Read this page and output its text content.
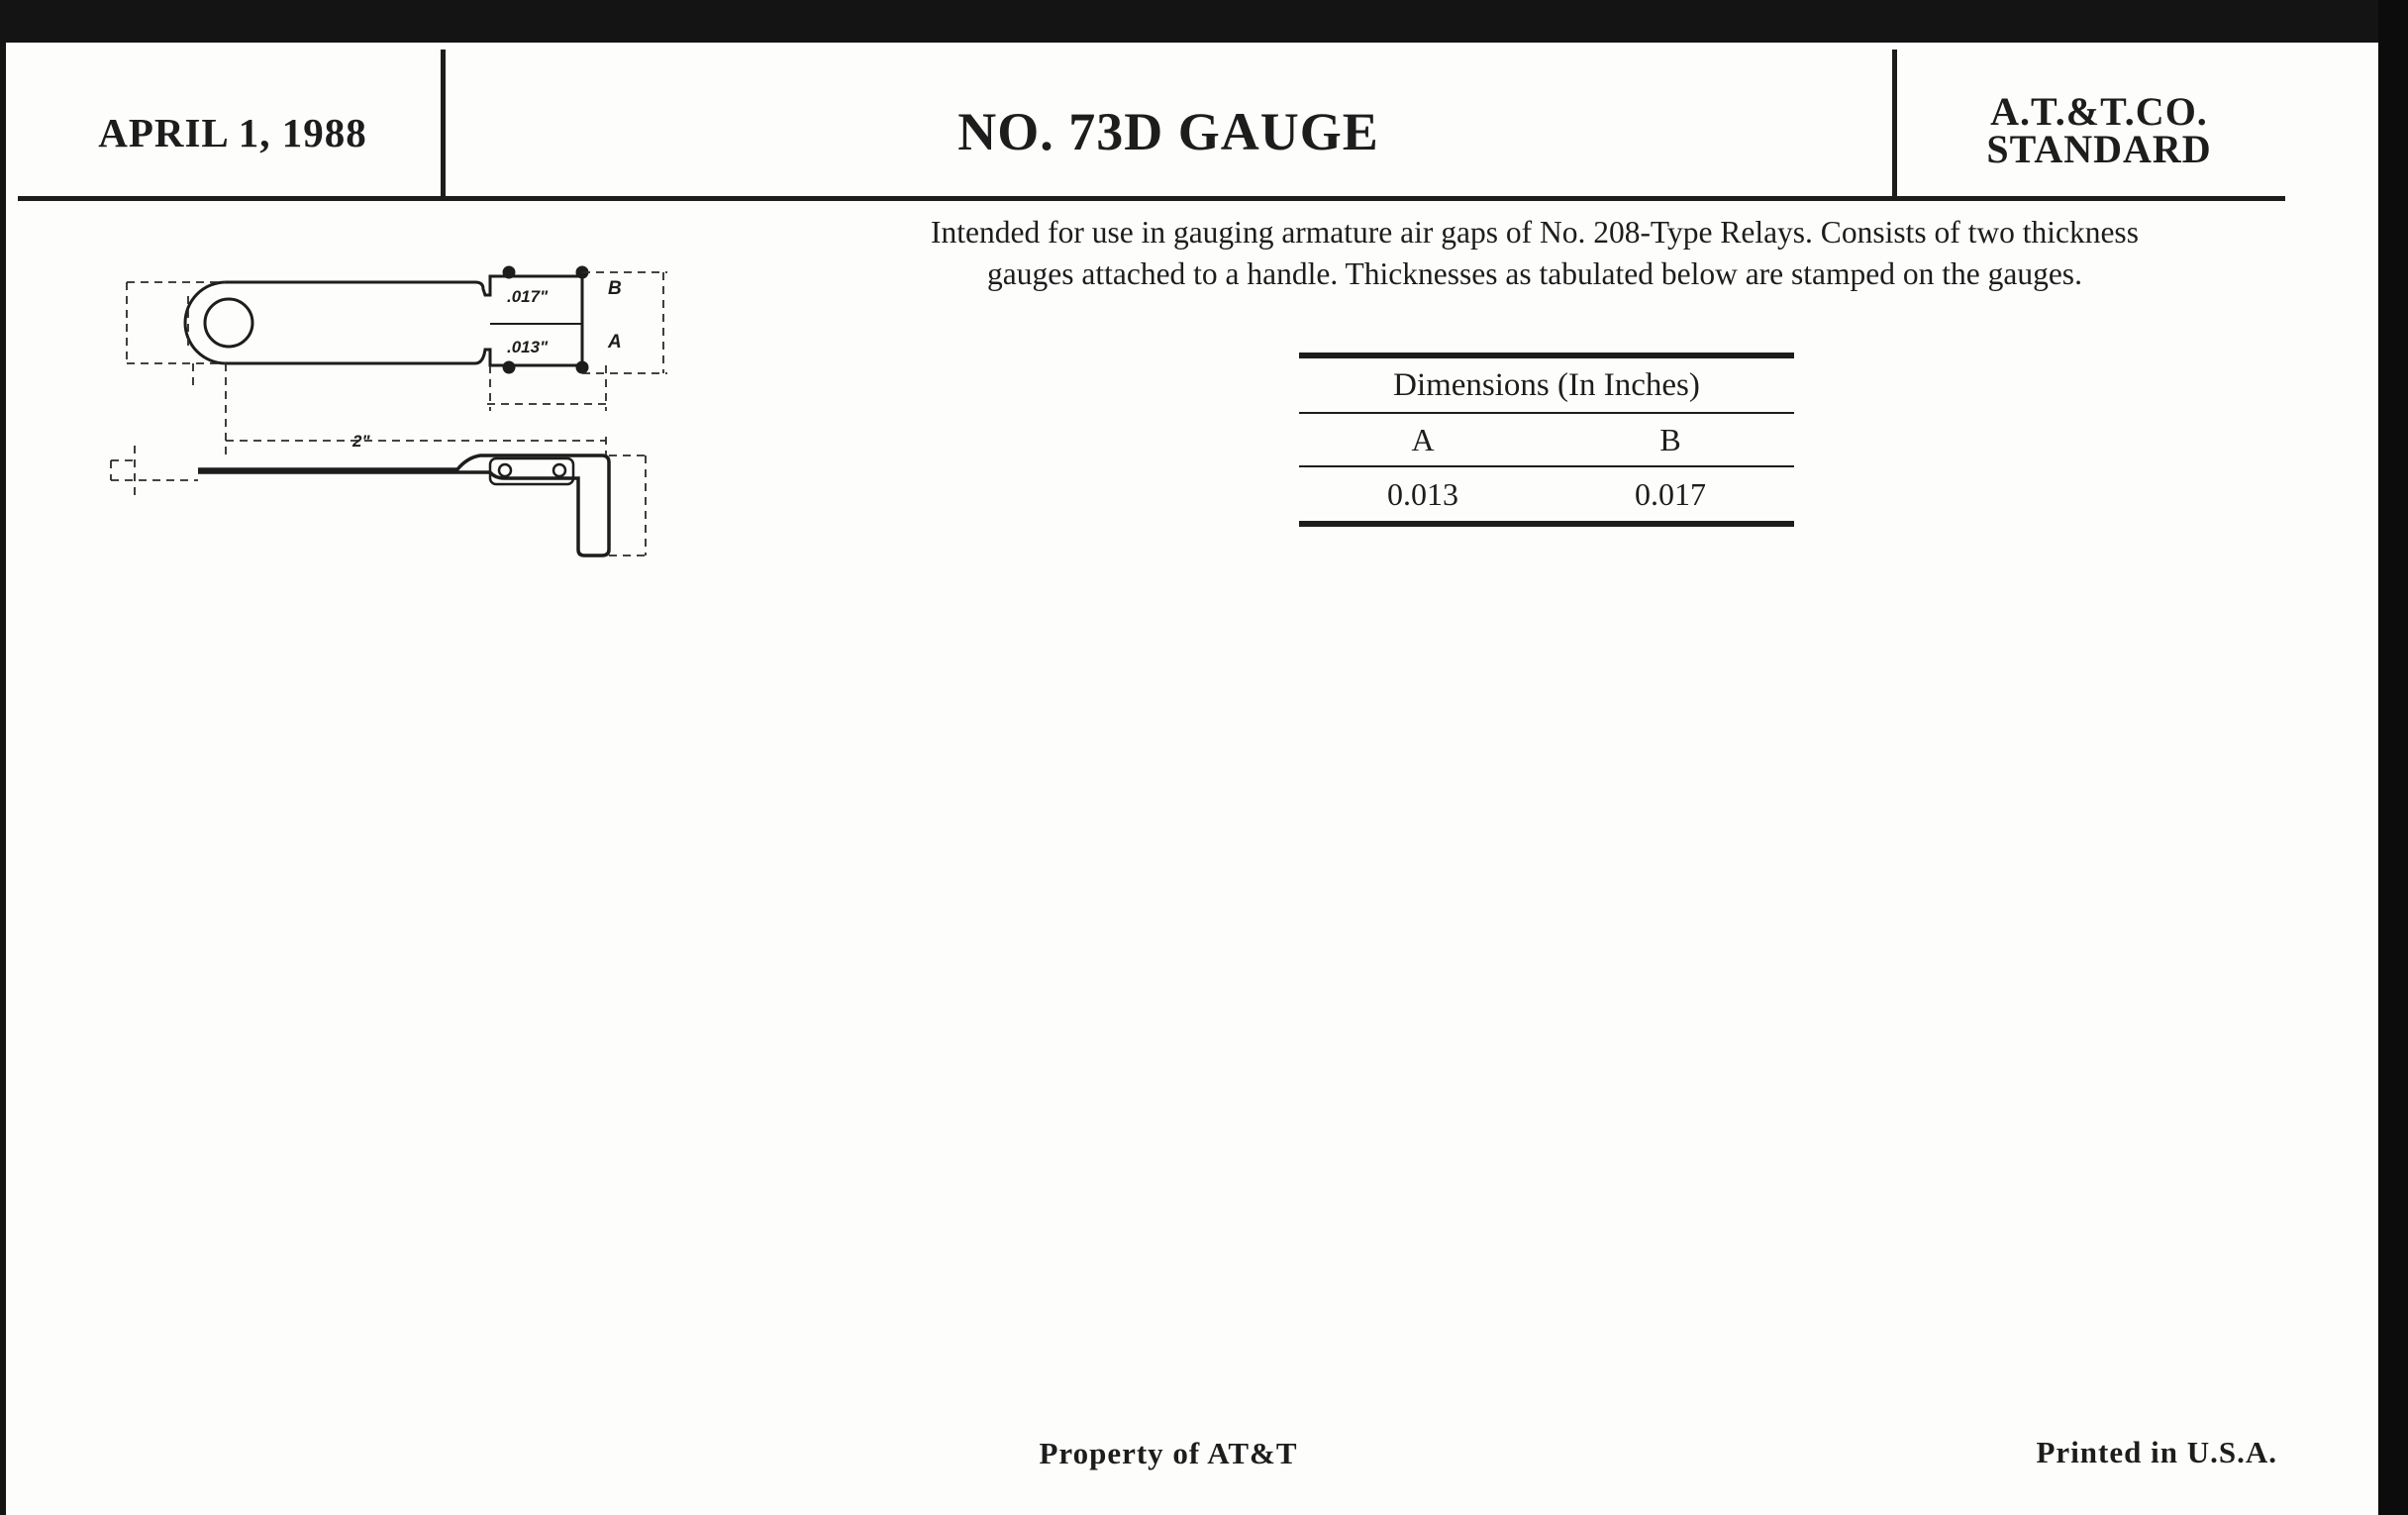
APRIL 1, 1988	NO. 73D GAUGE	A.T.&T.CO.
STANDARD
Intended for use in gauging armature air gaps of No. 208-Type Relays. Consists of two thickness
gauges attached to a handle. Thicknesses as tabulated below are stamped on the gauges.
.017"
.013"
B
A
2"
Dimensions (In Inches)
A	B
0.013	0.017
Property of AT&T	Printed in U.S.A.
